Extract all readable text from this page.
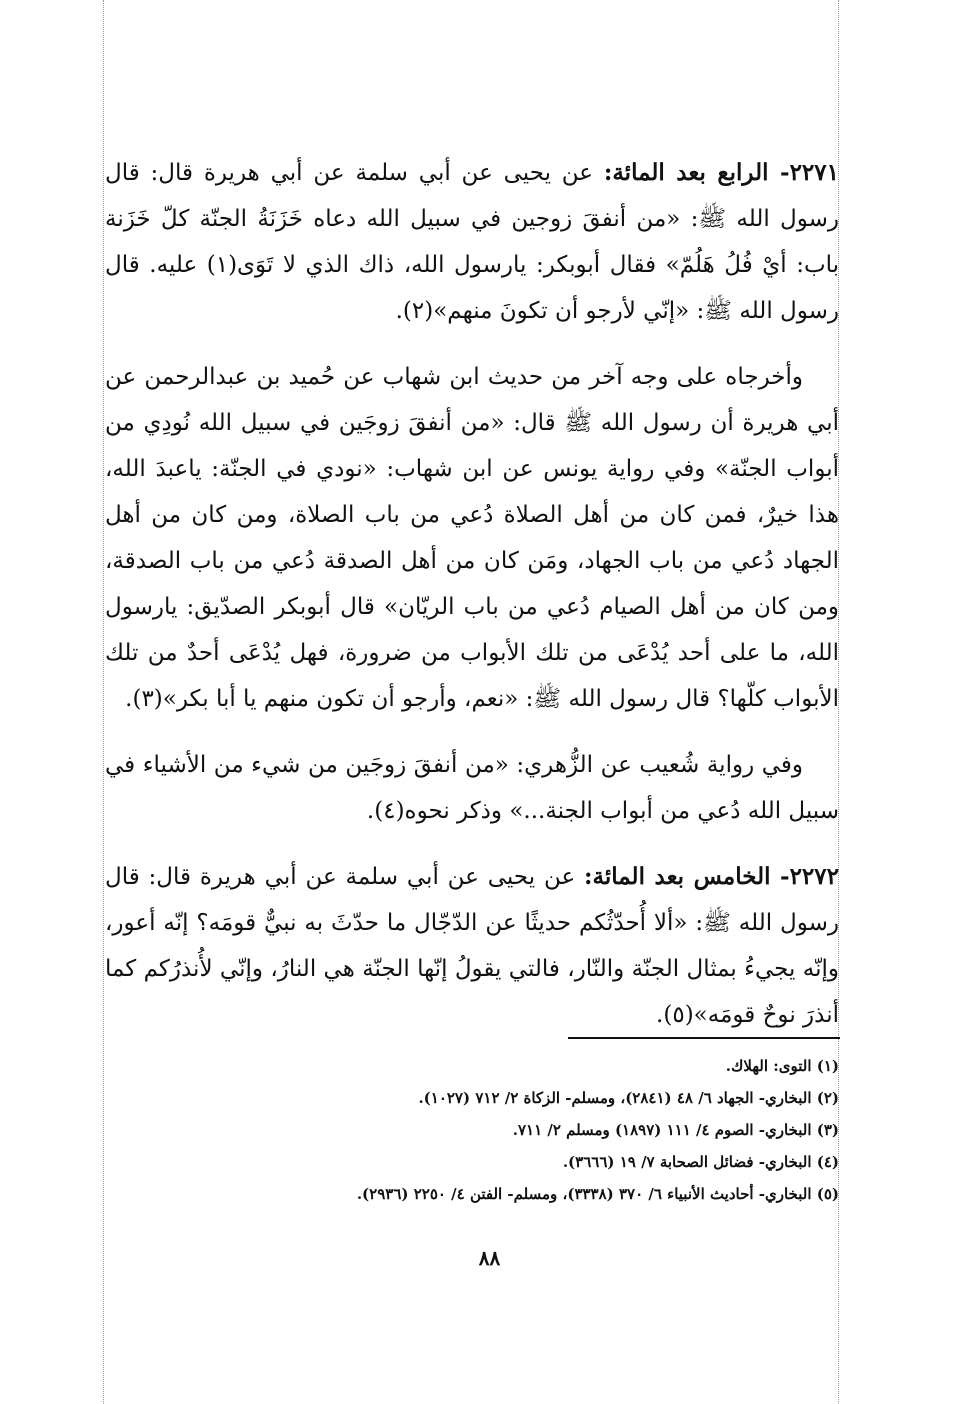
٢٢٧١- الرابع بعد المائة: عن يحيى عن أبي سلمة عن أبي هريرة قال: قال رسول الله ﷺ: «من أنفقَ زوجين في سبيل الله دعاه خَزَنَةُ الجنّة كلّ خَزَنة باب: أيْ فُلُ هَلُمّ» فقال أبوبكر: يارسول الله، ذاك الذي لا تَوَى(١) عليه. قال رسول الله ﷺ: «إنّي لأرجو أن تكونَ منهم»(٢).

وأخرجاه على وجه آخر من حديث ابن شهاب عن حُميد بن عبدالرحمن عن أبي هريرة أن رسول الله ﷺ قال: «من أنفقَ زوجَين في سبيل الله نُودِي من أبواب الجنّة» وفي رواية يونس عن ابن شهاب: «نودي في الجنّة: ياعبدَ الله، هذا خيرٌ، فمن كان من أهل الصلاة دُعي من باب الصلاة، ومن كان من أهل الجهاد دُعي من باب الجهاد، ومَن كان من أهل الصدقة دُعي من باب الصدقة، ومن كان من أهل الصيام دُعي من باب الريّان» قال أبوبكر الصدّيق: يارسول الله، ما على أحد يُدْعَى من تلك الأبواب من ضرورة، فهل يُدْعَى أحدٌ من تلك الأبواب كلّها؟ قال رسول الله ﷺ: «نعم، وأرجو أن تكون منهم يا أبا بكر»(٣).

وفي رواية شُعيب عن الزُّهري: «من أنفقَ زوجَين من شيء من الأشياء في سبيل الله دُعي من أبواب الجنة...» وذكر نحوه(٤).

٢٢٧٢- الخامس بعد المائة: عن يحيى عن أبي سلمة عن أبي هريرة قال: قال رسول الله ﷺ: «ألا أُحدّثُكم حديثًا عن الدّجّال ما حدّثَ به نبيٌّ قومَه؟ إنّه أعور، وإنّه يجيءُ بمثال الجنّة والنّار، فالتي يقولُ إنّها الجنّة هي النارُ، وإنّي لأُنذرُكم كما أنذرَ نوحٌ قومَه»(٥).

(١) التوى: الهلاك.

(٢) البخاري- الجهاد ٦/ ٤٨ (٢٨٤١)، ومسلم- الزكاة ٢/ ٧١٢ (١٠٢٧).

(٣) البخاري- الصوم ٤/ ١١١ (١٨٩٧) ومسلم ٢/ ٧١١.

(٤) البخاري- فضائل الصحابة ٧/ ١٩ (٣٦٦٦).

(٥) البخاري- أحاديث الأنبياء ٦/ ٣٧٠ (٣٣٣٨)، ومسلم- الفتن ٤/ ٢٢٥٠ (٢٩٣٦).

٨٨
